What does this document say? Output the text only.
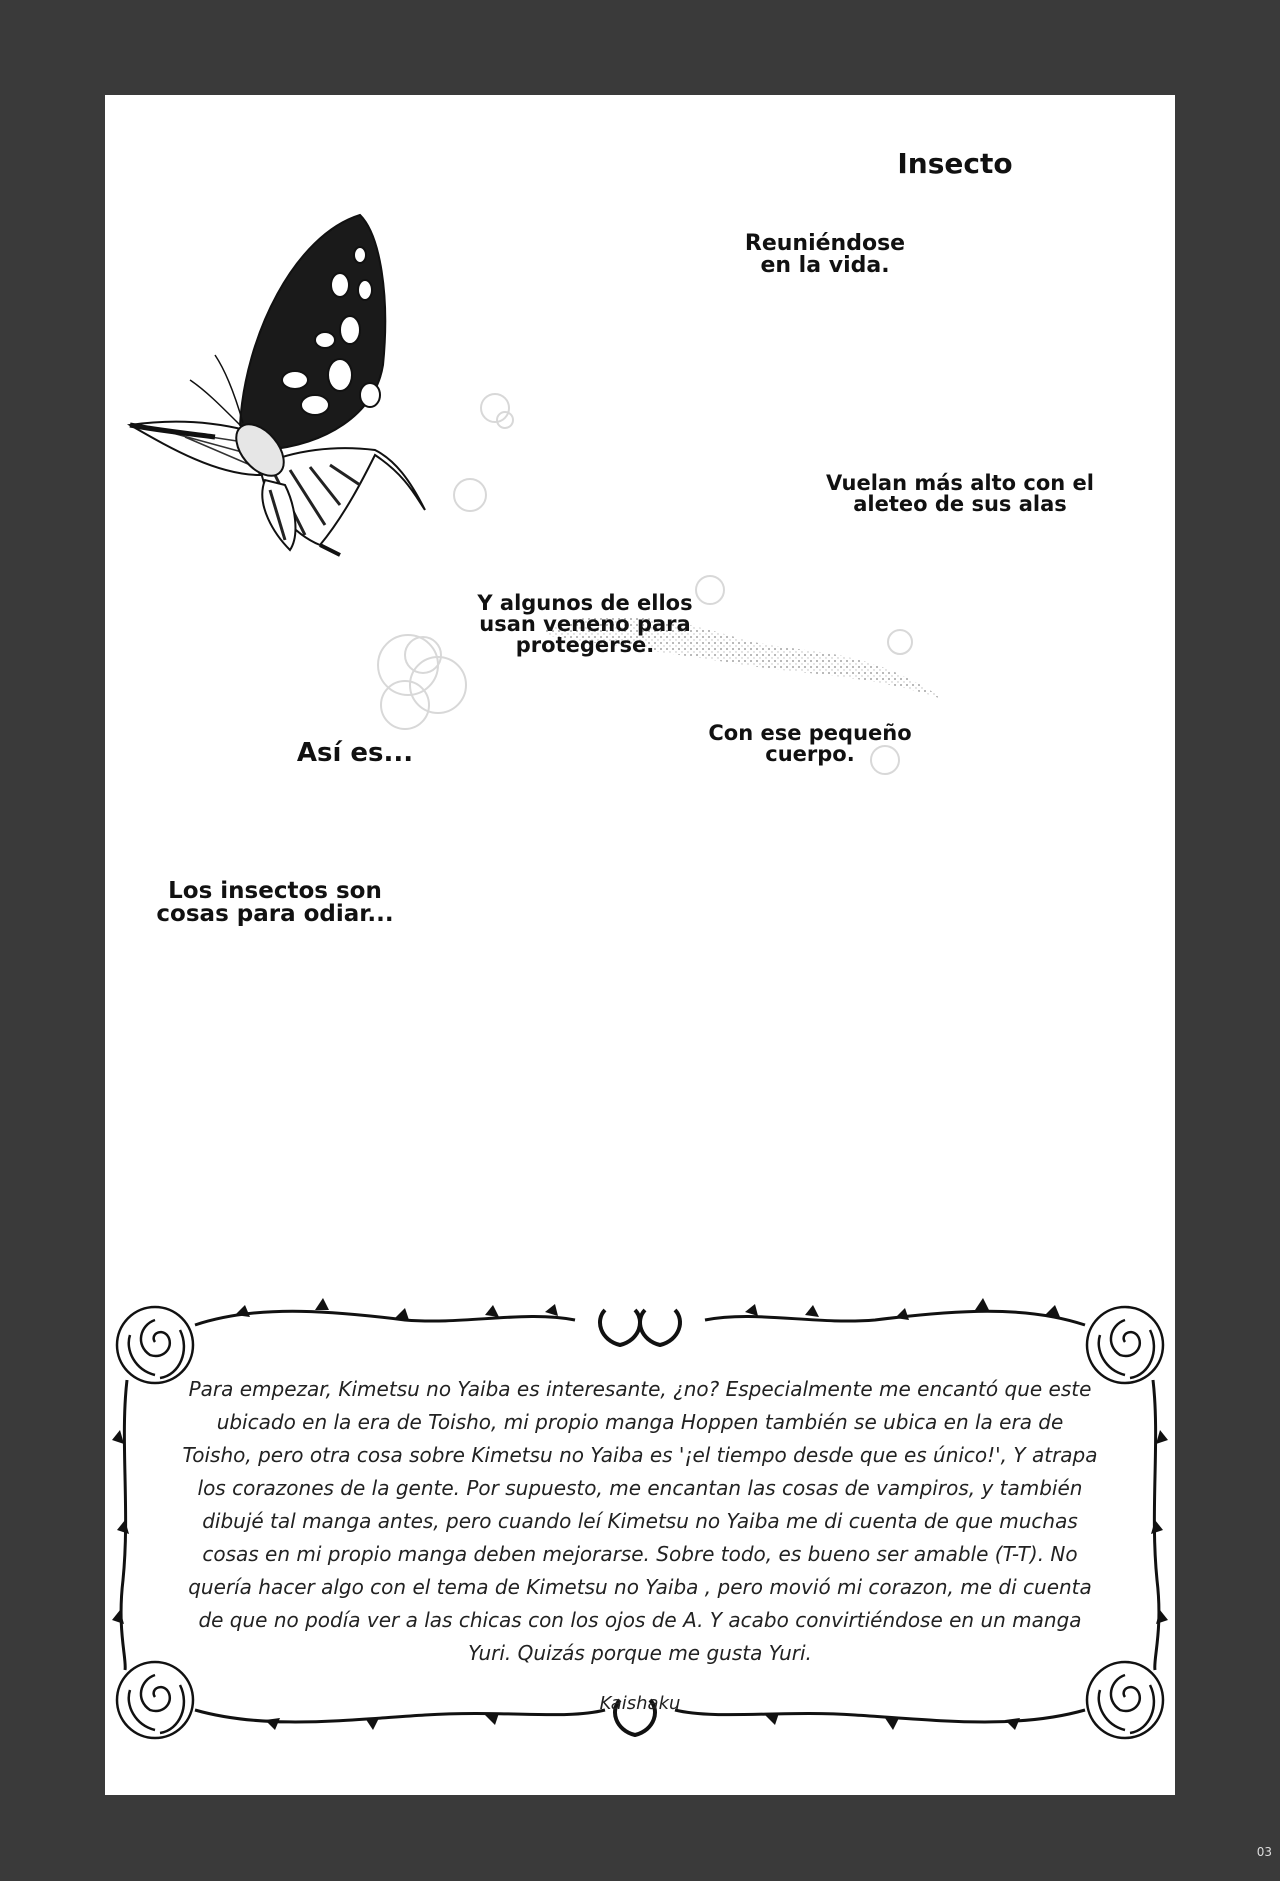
Insecto
Reuniéndose
en la vida.
Vuelan más alto con el
aleteo de sus alas
Y algunos de ellos
usan veneno para
protegerse.
Así es...
Con ese pequeño
cuerpo.
Los insectos son
cosas para odiar...
Para empezar, Kimetsu no Yaiba es interesante, ¿no? Especialmente me encantó que este ubicado en la era de Toisho, mi propio manga Hoppen también se ubica en la era de Toisho, pero otra cosa sobre Kimetsu no Yaiba es '¡el tiempo desde que es único!', Y atrapa los corazones de la gente. Por supuesto, me encantan las cosas de vampiros, y también dibujé tal manga antes, pero cuando leí Kimetsu no Yaiba me di cuenta de que muchas cosas en mi propio manga deben mejorarse. Sobre todo, es bueno ser amable (T-T). No quería hacer algo con el tema de Kimetsu no Yaiba , pero movió mi corazon, me di cuenta de que no podía ver a las chicas con los ojos de A. Y acabo convirtiéndose en un manga Yuri. Quizás porque me gusta Yuri.
Kaishaku
03
